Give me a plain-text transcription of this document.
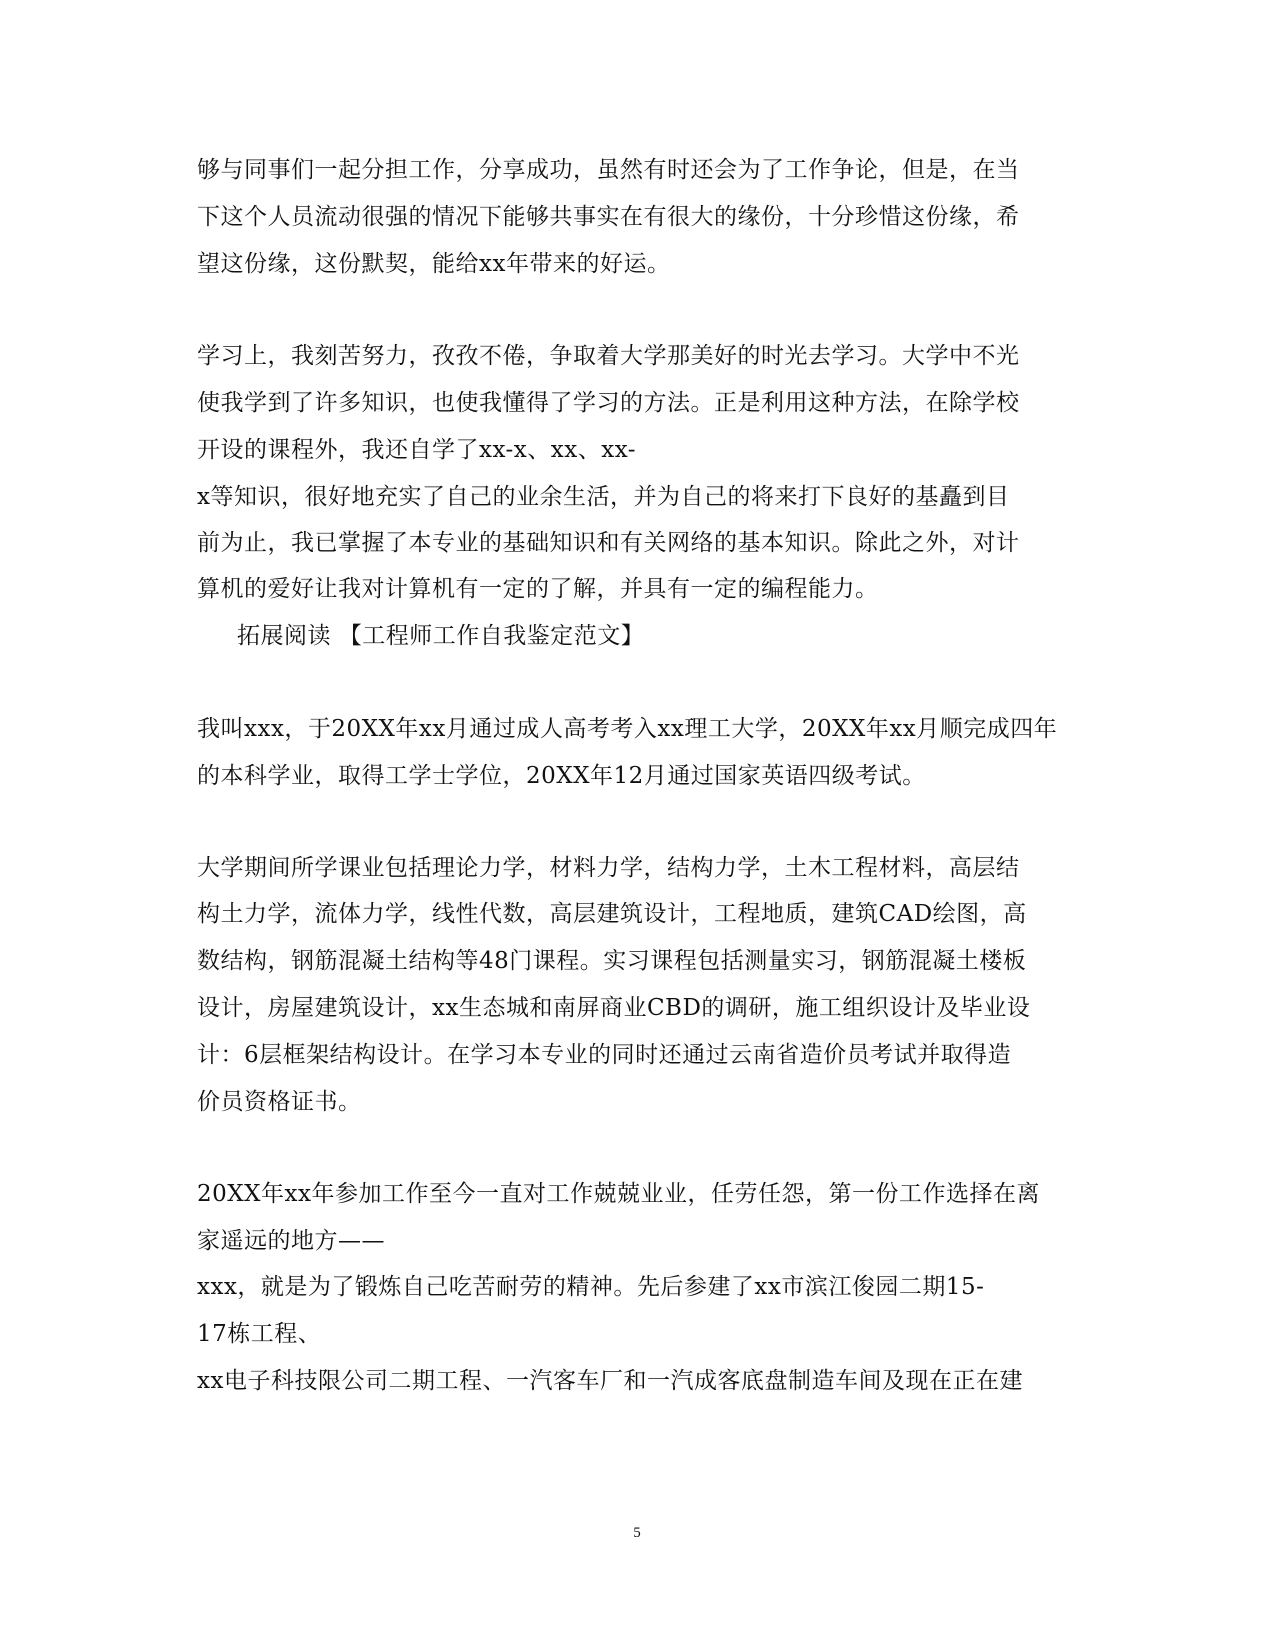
够与同事们一起分担工作，分享成功，虽然有时还会为了工作争论，但是，在当
下这个人员流动很强的情况下能够共事实在有很大的缘份，十分珍惜这份缘，希
望这份缘，这份默契，能给xx年带来的好运。
学习上，我刻苦努力，孜孜不倦，争取着大学那美好的时光去学习。大学中不光
使我学到了许多知识，也使我懂得了学习的方法。正是利用这种方法，在除学校
开设的课程外，我还自学了xx-x、xx、xx-
x等知识，很好地充实了自己的业余生活，并为自己的将来打下良好的基矗到目
前为止，我已掌握了本专业的基础知识和有关网络的基本知识。除此之外，对计
算机的爱好让我对计算机有一定的了解，并具有一定的编程能力。
拓展阅读 【工程师工作自我鉴定范文】
我叫xxx，于20XX年xx月通过成人高考考入xx理工大学，20XX年xx月顺完成四年
的本科学业，取得工学士学位，20XX年12月通过国家英语四级考试。
大学期间所学课业包括理论力学，材料力学，结构力学，土木工程材料，高层结
构土力学，流体力学，线性代数，高层建筑设计，工程地质，建筑CAD绘图，高
数结构，钢筋混凝土结构等48门课程。实习课程包括测量实习，钢筋混凝土楼板
设计，房屋建筑设计，xx生态城和南屏商业CBD的调研，施工组织设计及毕业设
计：6层框架结构设计。在学习本专业的同时还通过云南省造价员考试并取得造
价员资格证书。
20XX年xx年参加工作至今一直对工作兢兢业业，任劳任怨，第一份工作选择在离
家遥远的地方——
xxx，就是为了锻炼自己吃苦耐劳的精神。先后参建了xx市滨江俊园二期15-
17栋工程、
xx电子科技限公司二期工程、一汽客车厂和一汽成客底盘制造车间及现在正在建
5
